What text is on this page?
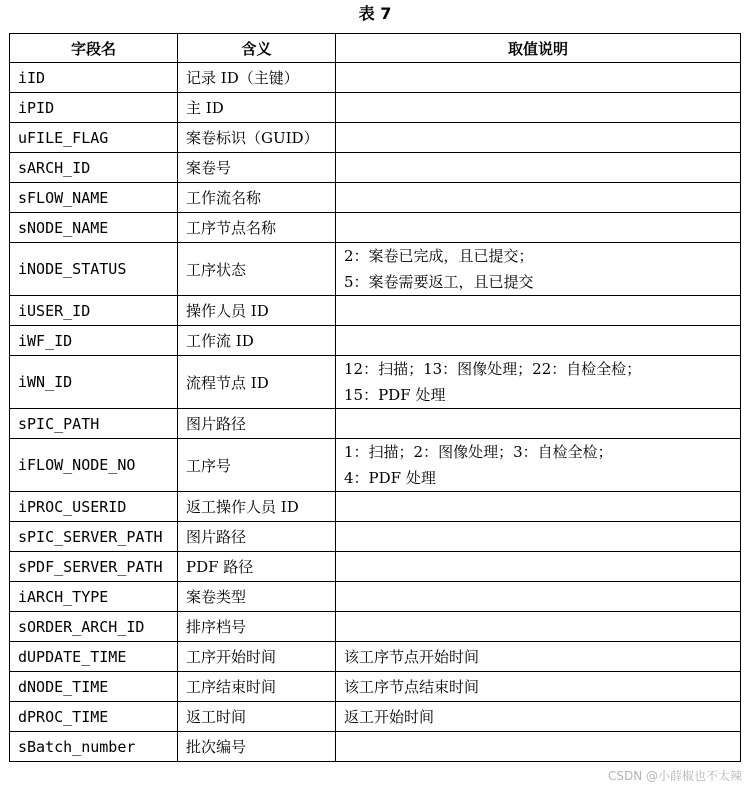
表 7
字段名	含义	取值说明
iID	记录 ID（主键）	
iPID	主 ID	
uFILE_FLAG	案卷标识（GUID）	
sARCH_ID	案卷号	
sFLOW_NAME	工作流名称	
sNODE_NAME	工序节点名称	
iNODE_STATUS	工序状态	2：案卷已完成，且已提交；
5：案卷需要返工，且已提交

iUSER_ID	操作人员 ID	
iWF_ID	工作流 ID	
iWN_ID	流程节点 ID	12：扫描；13：图像处理；22：自检全检；
15：PDF 处理

sPIC_PATH	图片路径	
iFLOW_NODE_NO	工序号	1：扫描；2：图像处理；3：自检全检；
4：PDF 处理

iPROC_USERID	返工操作人员 ID	
sPIC_SERVER_PATH	图片路径	
sPDF_SERVER_PATH	PDF 路径	
iARCH_TYPE	案卷类型	
sORDER_ARCH_ID	排序档号	
dUPDATE_TIME	工序开始时间	该工序节点开始时间

dNODE_TIME	工序结束时间	该工序节点结束时间

dPROC_TIME	返工时间	返工开始时间

sBatch_number	批次编号	
CSDN @小薛椒也不太辣
